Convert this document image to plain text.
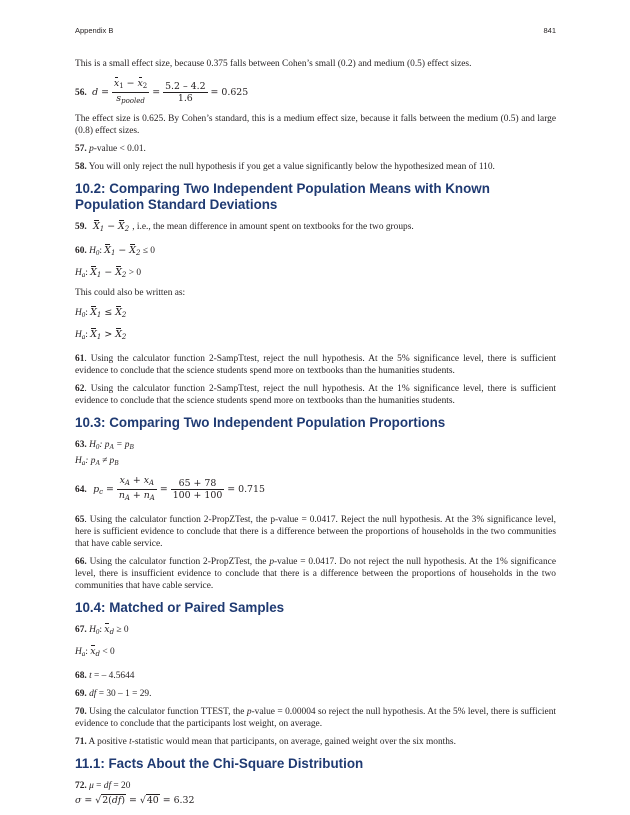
Appendix B	841

This is a small effect size, because 0.375 falls between Cohen’s small (0.2) and medium (0.5) effect sizes.

56. $d = \frac{x_1 - x_2}{s_{pooled}} = \frac{5.2 - 4.2}{1.6} = 0.625$

The effect size is 0.625. By Cohen’s standard, this is a medium effect size, because it falls between the medium (0.5) and large (0.8) effect sizes.

57. p-value < 0.01.

58. You will only reject the null hypothesis if you get a value significantly below the hypothesized mean of 110.

10.2: Comparing Two Independent Population Means with Known Population Standard Deviations

59. $X_1 - X_2$ , i.e., the mean difference in amount spent on textbooks for the two groups.

60. $H_0$: $X_1 - X_2 \le 0$

$H_a$: $X_1 - X_2 > 0$

This could also be written as:

$H_0$: $X_1 \le X_2$

$H_a$: $X_1 > X_2$

61. Using the calculator function 2-SampTtest, reject the null hypothesis. At the 5% significance level, there is sufficient evidence to conclude that the science students spend more on textbooks than the humanities students.

62. Using the calculator function 2-SampTtest, reject the null hypothesis. At the 1% significance level, there is sufficient evidence to conclude that the science students spend more on textbooks than the humanities students.

10.3: Comparing Two Independent Population Proportions

63. $H_0$: $p_A = p_B$

$H_a$: $p_A \ne p_B$

64. $p_c = \frac{x_A + x_A}{n_A + n_A} = \frac{65 + 78}{100 + 100} = 0.715$

65. Using the calculator function 2-PropZTest, the p-value = 0.0417. Reject the null hypothesis. At the 3% significance level, here is sufficient evidence to conclude that there is a difference between the proportions of households in the two communities that have cable service.

66. Using the calculator function 2-PropZTest, the p-value = 0.0417. Do not reject the null hypothesis. At the 1% significance level, there is insufficient evidence to conclude that there is a difference between the proportions of households in the two communities that have cable service.

10.4: Matched or Paired Samples

67. $H_0$: $x_d \ge 0$

$H_a$: $x_d < 0$

68. t = – 4.5644

69. df = 30 – 1 = 29.

70. Using the calculator function TTEST, the p-value = 0.00004 so reject the null hypothesis. At the 5% level, there is sufficient evidence to conclude that the participants lost weight, on average.

71. A positive t-statistic would mean that participants, on average, gained weight over the six months.

11.1: Facts About the Chi-Square Distribution

72. μ = df = 20

σ = √2(df) = √40 = 6.32
